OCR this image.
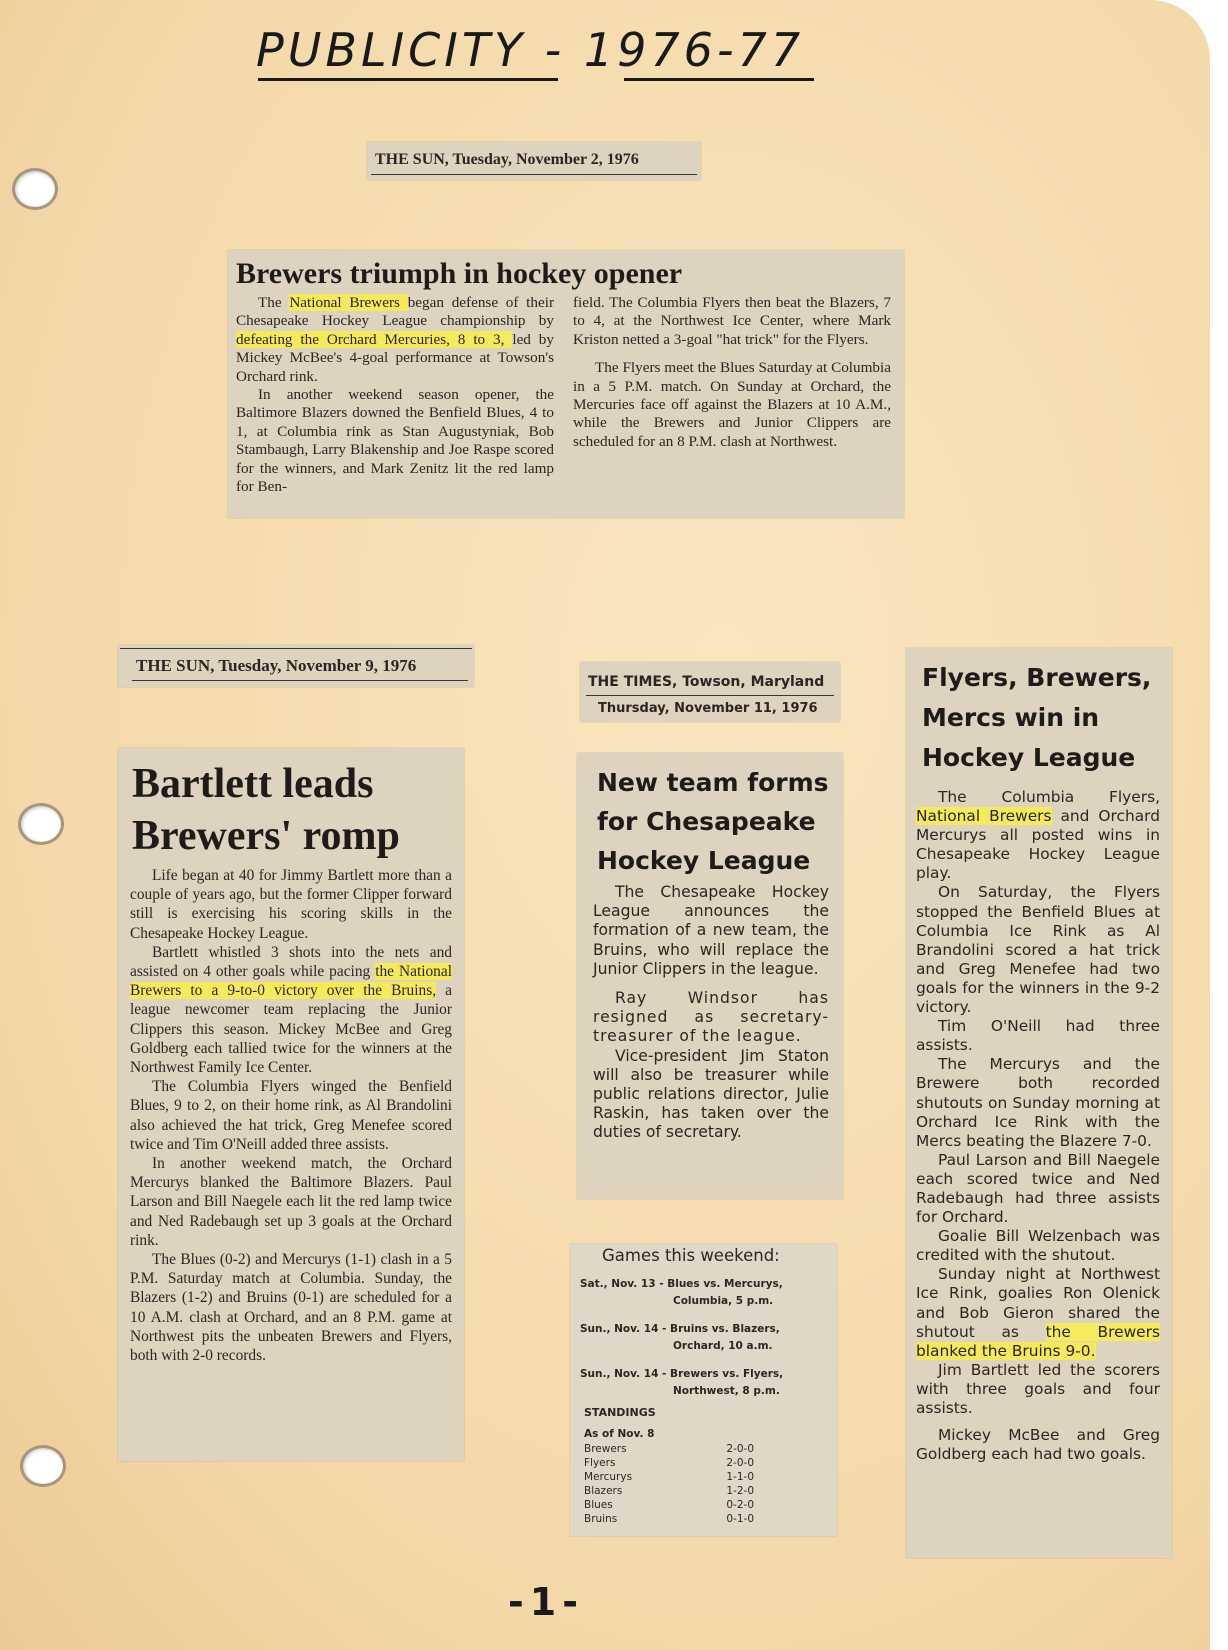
PUBLICITY - 1976-77
THE SUN, Tuesday, November 2, 1976
Brewers triumph in hockey opener

The National Brewers began defense of their Chesapeake Hockey League championship by defeating the Orchard Mercuries, 8 to 3, led by Mickey McBee's 4-goal performance at Towson's Orchard rink.

In another weekend season opener, the Baltimore Blazers downed the Benfield Blues, 4 to 1, at Columbia rink as Stan Augustyniak, Bob Stambaugh, Larry Blakenship and Joe Raspe scored for the winners, and Mark Zenitz lit the red lamp for Ben-

field. The Columbia Flyers then beat the Blazers, 7 to 4, at the Northwest Ice Center, where Mark Kriston netted a 3-goal "hat trick" for the Flyers.

The Flyers meet the Blues Saturday at Columbia in a 5 P.M. match. On Sunday at Orchard, the Mercuries face off against the Blazers at 10 A.M., while the Brewers and Junior Clippers are scheduled for an 8 P.M. clash at Northwest.

THE SUN, Tuesday, November 9, 1976
Bartlett leads Brewers' romp

Life began at 40 for Jimmy Bartlett more than a couple of years ago, but the former Clipper forward still is exercising his scoring skills in the Chesapeake Hockey League.

Bartlett whistled 3 shots into the nets and assisted on 4 other goals while pacing the National Brewers to a 9-to-0 victory over the Bruins, a league newcomer team replacing the Junior Clippers this season. Mickey McBee and Greg Goldberg each tallied twice for the winners at the Northwest Family Ice Center.

The Columbia Flyers winged the Benfield Blues, 9 to 2, on their home rink, as Al Brandolini also achieved the hat trick, Greg Menefee scored twice and Tim O'Neill added three assists.

In another weekend match, the Orchard Mercurys blanked the Baltimore Blazers. Paul Larson and Bill Naegele each lit the red lamp twice and Ned Radebaugh set up 3 goals at the Orchard rink.

The Blues (0-2) and Mercurys (1-1) clash in a 5 P.M. Saturday match at Columbia. Sunday, the Blazers (1-2) and Bruins (0-1) are scheduled for a 10 A.M. clash at Orchard, and an 8 P.M. game at Northwest pits the unbeaten Brewers and Flyers, both with 2-0 records.

THE TIMES, Towson, Maryland
Thursday, November 11, 1976
New team forms for Chesapeake Hockey League

The Chesapeake Hockey League announces the formation of a new team, the Bruins, who will replace the Junior Clippers in the league.

Ray Windsor has resigned as secretary-treasurer of the league.

Vice-president Jim Staton will also be treasurer while public relations director, Julie Raskin, has taken over the duties of secretary.

Games this weekend:
Sat., Nov. 13 - Blues vs. Mercurys,
Columbia, 5 p.m.
Sun., Nov. 14 - Bruins vs. Blazers,
Orchard, 10 a.m.
Sun., Nov. 14 - Brewers vs. Flyers,
Northwest, 8 p.m.
STANDINGS
As of Nov. 8
Brewers	2-0-0
Flyers	2-0-0
Mercurys	1-1-0
Blazers	1-2-0
Blues	0-2-0
Bruins	0-1-0
Flyers, Brewers, Mercs win in Hockey League

The Columbia Flyers, National Brewers and Orchard Mercurys all posted wins in Chesapeake Hockey League play.

On Saturday, the Flyers stopped the Benfield Blues at Columbia Ice Rink as Al Brandolini scored a hat trick and Greg Menefee had two goals for the winners in the 9-2 victory.

Tim O'Neill had three assists.

The Mercurys and the Brewere both recorded shutouts on Sunday morning at Orchard Ice Rink with the Mercs beating the Blazere 7-0.

Paul Larson and Bill Naegele each scored twice and Ned Radebaugh had three assists for Orchard.

Goalie Bill Welzenbach was credited with the shutout.

Sunday night at Northwest Ice Rink, goalies Ron Olenick and Bob Gieron shared the shutout as the Brewers blanked the Bruins 9-0.

Jim Bartlett led the scorers with three goals and four assists.

Mickey McBee and Greg Goldberg each had two goals.

-1-
